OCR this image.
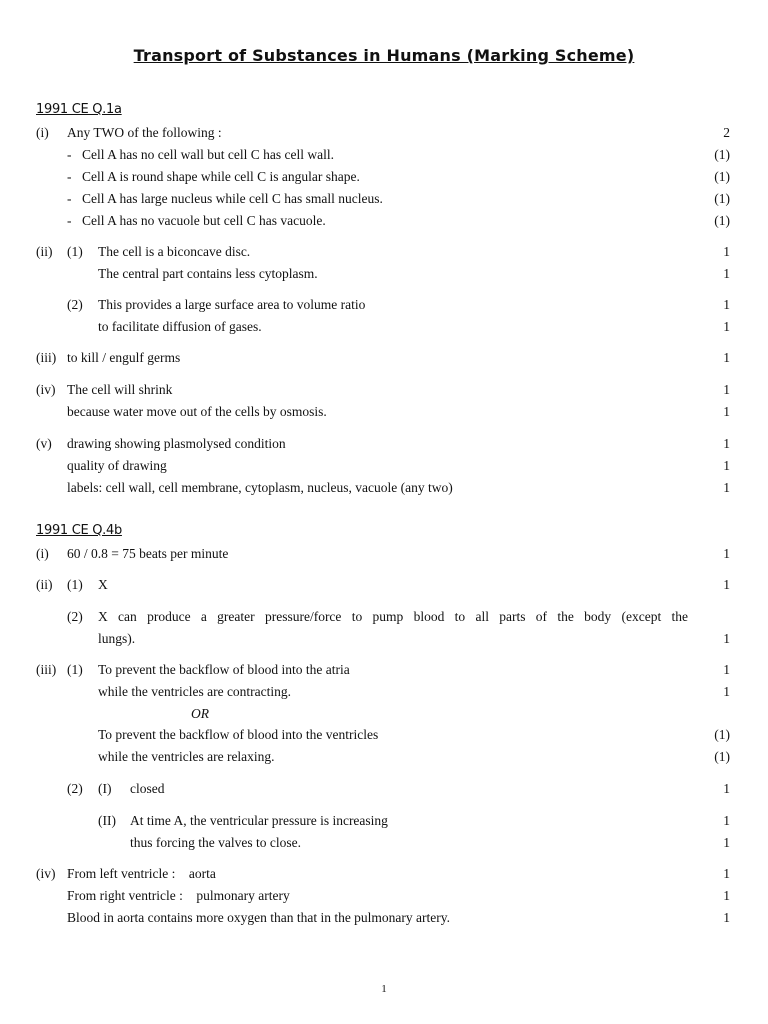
Transport of Substances in Humans (Marking Scheme)
1991 CE Q.1a
(i) Any TWO of the following :	2
- Cell A has no cell wall but cell C has cell wall.	(1)
- Cell A is round shape while cell C is angular shape.	(1)
- Cell A has large nucleus while cell C has small nucleus.	(1)
- Cell A has no vacuole but cell C has vacuole.	(1)
(ii) (1) The cell is a biconcave disc.	1
The central part contains less cytoplasm.	1
(2) This provides a large surface area to volume ratio	1
to facilitate diffusion of gases.	1
(iii) to kill / engulf germs	1
(iv) The cell will shrink	1
because water move out of the cells by osmosis.	1
(v) drawing showing plasmolysed condition	1
quality of drawing	1
labels: cell wall, cell membrane, cytoplasm, nucleus, vacuole (any two)	1
1991 CE Q.4b
(i) 60 / 0.8 = 75 beats per minute	1
(ii) (1) X	1
(2) X can produce a greater pressure/force to pump blood to all parts of the body (except the
lungs).	1
(iii) (1) To prevent the backflow of blood into the atria	1
while the ventricles are contracting.	1
OR
To prevent the backflow of blood into the ventricles	(1)
while the ventricles are relaxing.	(1)
(2) (I) closed	1
(II) At time A, the ventricular pressure is increasing	1
thus forcing the valves to close.	1
(iv) From left ventricle :    aorta	1
From right ventricle :    pulmonary artery	1
Blood in aorta contains more oxygen than that in the pulmonary artery.	1
1
